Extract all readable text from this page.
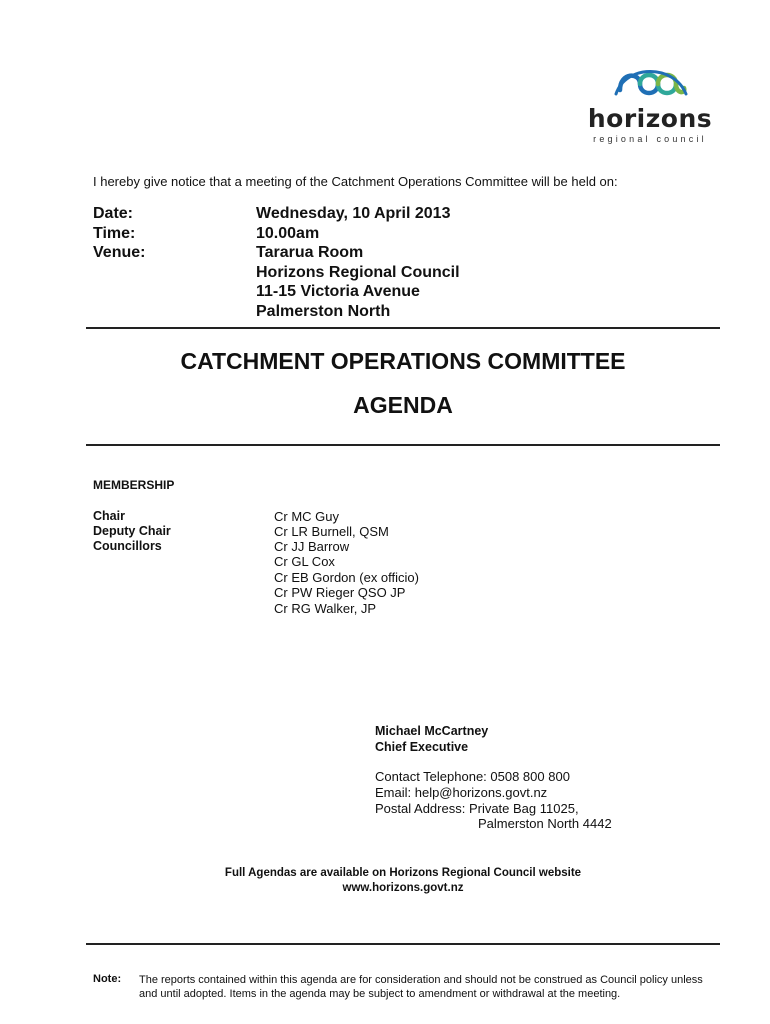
horizons
regional council
I hereby give notice that a meeting of the Catchment Operations Committee will be held on:
Date:
Time:
Venue:
Wednesday, 10 April 2013
10.00am
Tararua Room
Horizons Regional Council
11-15 Victoria Avenue
Palmerston North
CATCHMENT OPERATIONS COMMITTEE
AGENDA
MEMBERSHIP
Chair
Deputy Chair
Councillors
Cr MC Guy
Cr LR Burnell, QSM
Cr JJ Barrow
Cr GL Cox
Cr EB Gordon (ex officio)
Cr PW Rieger QSO JP
Cr RG Walker, JP
Michael McCartney
Chief Executive
Contact Telephone: 0508 800 800
Email: help@horizons.govt.nz
Postal Address: Private Bag 11025,
Palmerston North 4442
Full Agendas are available on Horizons Regional Council website
www.horizons.govt.nz
Note: The reports contained within this agenda are for consideration and should not be construed as Council policy unless and until adopted. Items in the agenda may be subject to amendment or withdrawal at the meeting.
